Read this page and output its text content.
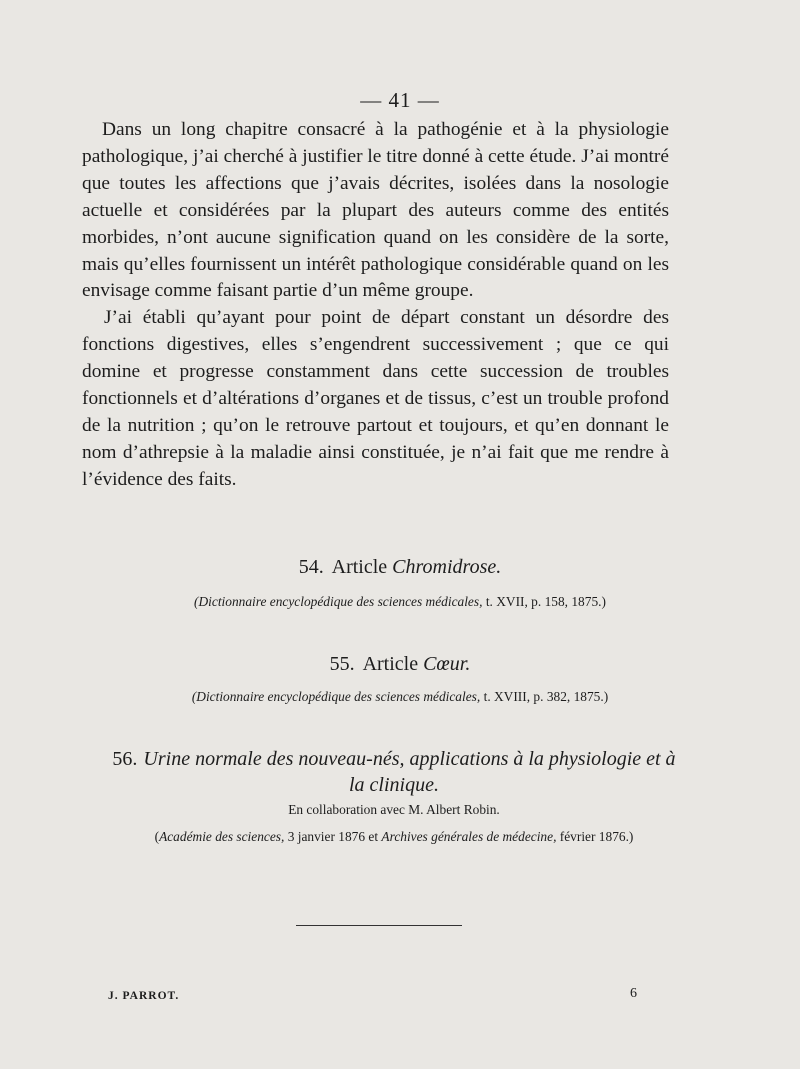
— 41 —

Dans un long chapitre consacré à la pathogénie et à la physiologie pathologique, j’ai cherché à justifier le titre donné à cette étude. J’ai montré que toutes les affections que j’avais décrites, isolées dans la nosologie actuelle et considérées par la plupart des auteurs comme des entités morbides, n’ont aucune signification quand on les considère de la sorte, mais qu’elles fournissent un intérêt pathologique considérable quand on les envisage comme faisant partie d’un même groupe.

J’ai établi qu’ayant pour point de départ constant un désordre des fonctions digestives, elles s’engendrent successivement ; que ce qui domine et progresse constamment dans cette succession de troubles fonctionnels et d’altérations d’organes et de tissus, c’est un trouble profond de la nutrition ; qu’on le retrouve partout et toujours, et qu’en donnant le nom d’athrepsie à la maladie ainsi constituée, je n’ai fait que me rendre à l’évidence des faits.

54. Article Chromidrose.
(Dictionnaire encyclopédique des sciences médicales, t. XVII, p. 158, 1875.)
55. Article Cœur.
(Dictionnaire encyclopédique des sciences médicales, t. XVIII, p. 382, 1875.)
56. Urine normale des nouveau-nés, applications à la physiologie et à la clinique.
En collaboration avec M. Albert Robin.
(Académie des sciences, 3 janvier 1876 et Archives générales de médecine, février 1876.)
J. PARROT.	6
